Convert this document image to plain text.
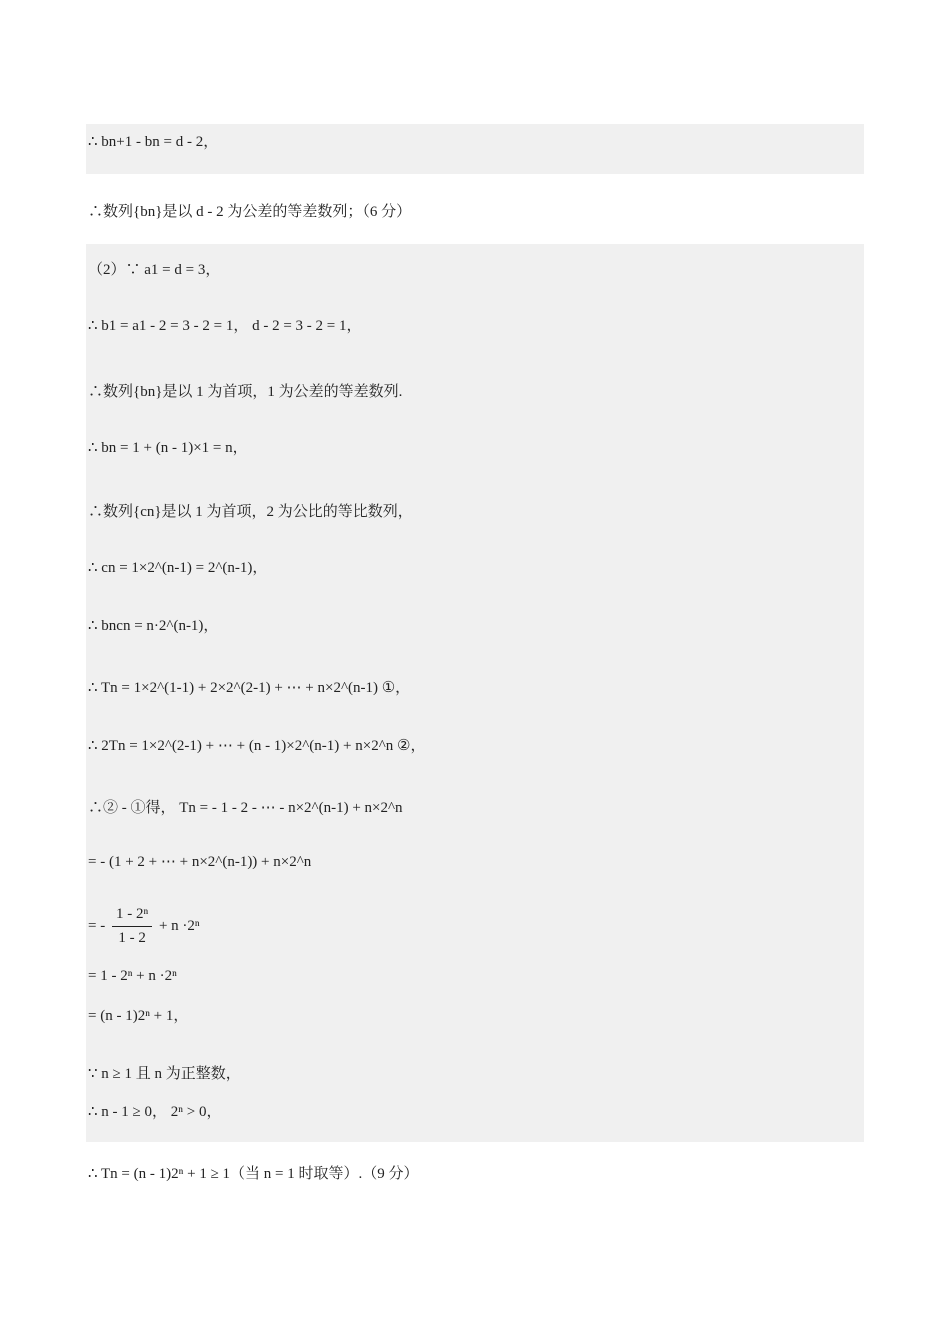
∴ bn+1 - bn = d - 2，
∴数列{bn}是以 d - 2 为公差的等差数列；（6 分）
（2）∵ a1 = d = 3，
∴ b1 = a1 - 2 = 3 - 2 = 1， d - 2 = 3 - 2 = 1，
∴数列{bn}是以 1 为首项，1 为公差的等差数列.
∴ bn = 1 + (n - 1)×1 = n，
∴数列{cn}是以 1 为首项，2 为公比的等比数列，
∴ cn = 1×2^(n-1) = 2^(n-1)，
∴ bncn = n·2^(n-1)，
∴ Tn = 1×2^(1-1) + 2×2^(2-1) + ⋯ + n×2^(n-1) ①，
∴ 2Tn = 1×2^(2-1) + ⋯ + (n - 1)×2^(n-1) + n×2^n ②，
∴② - ①得， Tn = - 1 - 2 - ⋯ - n×2^(n-1) + n×2^n
= - (1 + 2 + ⋯ + n×2^(n-1)) + n×2^n
= - $\frac{\text{1 - 2ⁿ}}{1 - 2} + n \cdot 2^n$
= 1 - 2ⁿ + n ·2ⁿ
= (n - 1)2ⁿ + 1，
∵ n ≥ 1 且 n 为正整数，
∴ n - 1 ≥ 0， 2ⁿ > 0，
∴ Tn = (n - 1)2ⁿ + 1 ≥ 1（当 n = 1 时取等）.（9 分）
